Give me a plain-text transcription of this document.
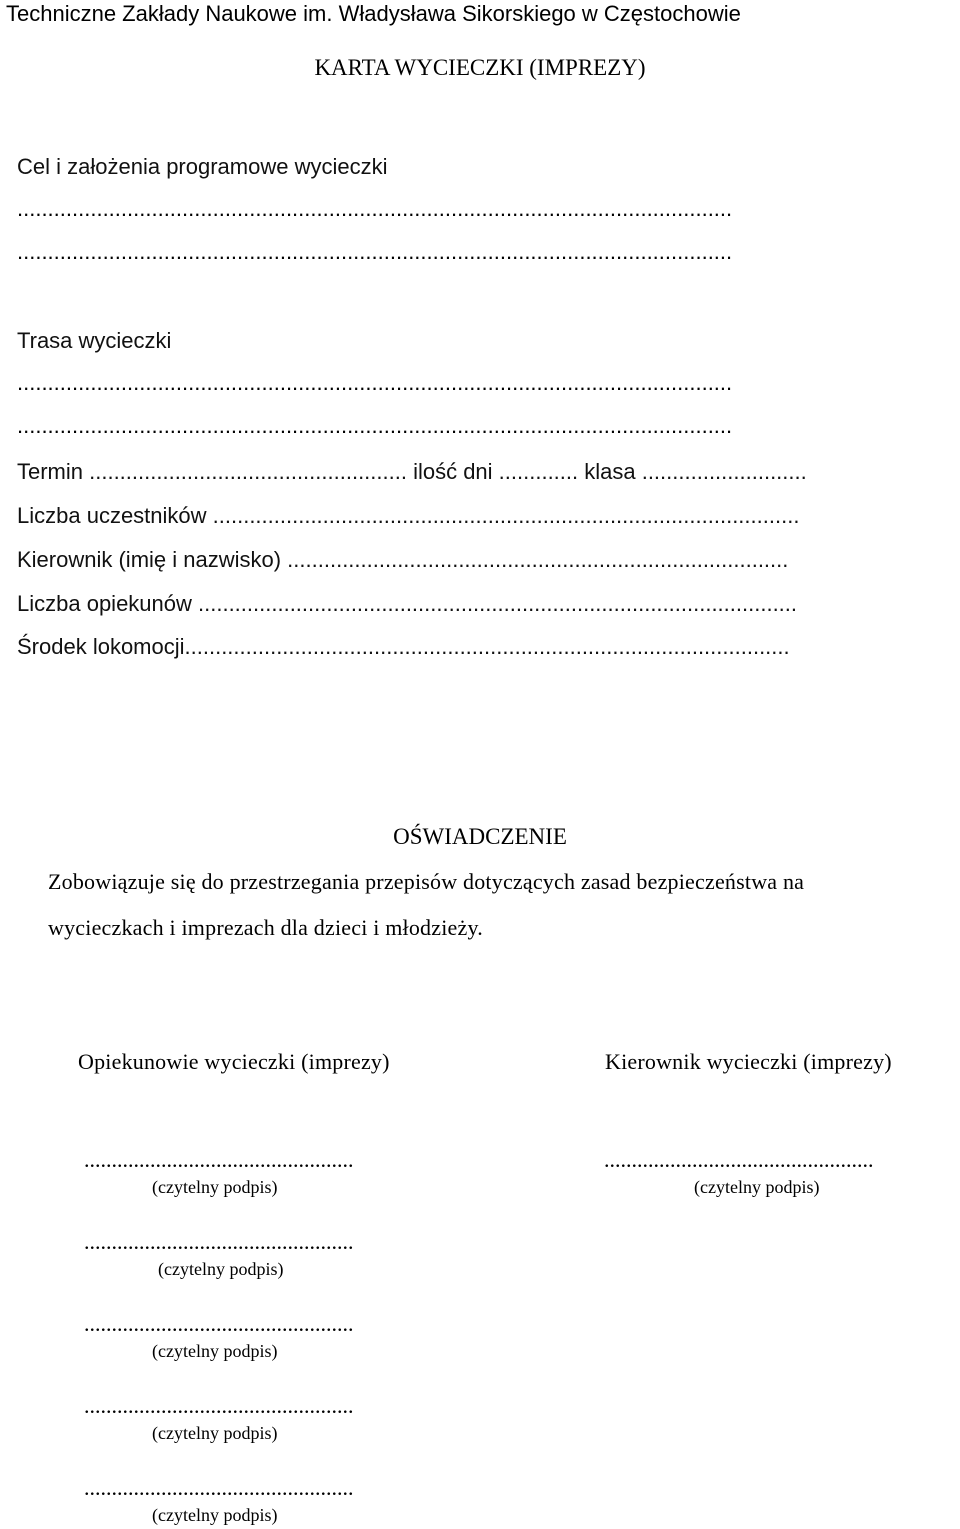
Techniczne Zakłady Naukowe im. Władysława Sikorskiego w Częstochowie
KARTA WYCIECZKI (IMPREZY)
Cel i założenia programowe wycieczki
.....................................................................................................................
.....................................................................................................................
Trasa wycieczki
.....................................................................................................................
.....................................................................................................................
Termin .................................................... ilość dni ............. klasa ...........................
Liczba uczestników ................................................................................................
Kierownik (imię i nazwisko) ..................................................................................
Liczba opiekunów ..................................................................................................
Środek lokomocji...................................................................................................
OŚWIADCZENIE
Zobowiązuje się do przestrzegania przepisów dotyczących zasad bezpieczeństwa na
wycieczkach i imprezach dla dzieci i młodzieży.
Opiekunowie wycieczki (imprezy)	Kierownik wycieczki (imprezy)
.................................................
(czytelny podpis)
.................................................
(czytelny podpis)
.................................................
(czytelny podpis)
.................................................
(czytelny podpis)
.................................................
(czytelny podpis)
.................................................
(czytelny podpis)
